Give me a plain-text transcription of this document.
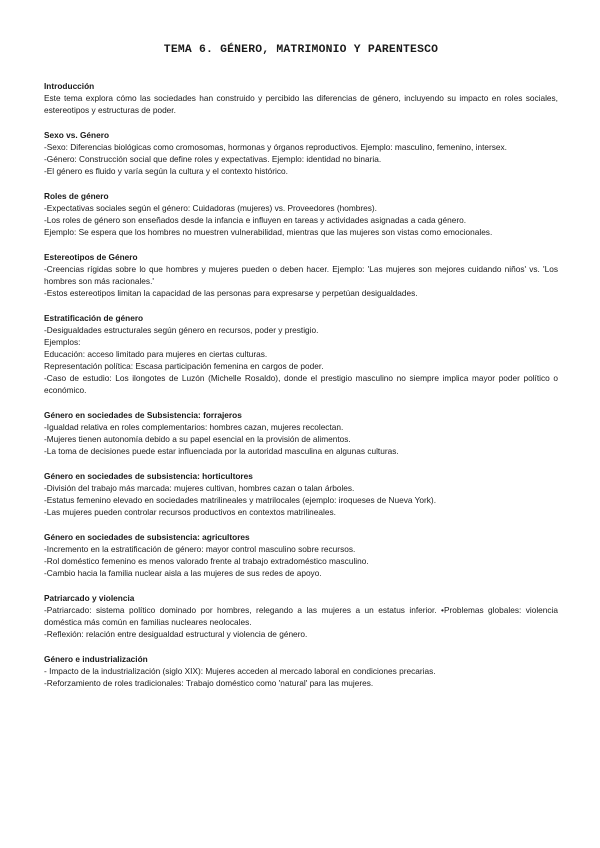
TEMA 6. GÉNERO, MATRIMONIO Y PARENTESCO
Introducción
Este tema explora cómo las sociedades han construido y percibido las diferencias de género, incluyendo su impacto en roles sociales, estereotipos y estructuras de poder.
Sexo vs. Género
-Sexo: Diferencias biológicas como cromosomas, hormonas y órganos reproductivos. Ejemplo: masculino, femenino, intersex.
-Género: Construcción social que define roles y expectativas. Ejemplo: identidad no binaria.
-El género es fluido y varía según la cultura y el contexto histórico.
Roles de género
-Expectativas sociales según el género: Cuidadoras (mujeres) vs. Proveedores (hombres).
-Los roles de género son enseñados desde la infancia e influyen en tareas y actividades asignadas a cada género.
Ejemplo: Se espera que los hombres no muestren vulnerabilidad, mientras que las mujeres son vistas como emocionales.
Estereotipos de Género
-Creencias rígidas sobre lo que hombres y mujeres pueden o deben hacer. Ejemplo: 'Las mujeres son mejores cuidando niños' vs. 'Los hombres son más racionales.'
-Estos estereotipos limitan la capacidad de las personas para expresarse y perpetúan desigualdades.
Estratificación de género
-Desigualdades estructurales según género en recursos, poder y prestigio.
Ejemplos:
Educación: acceso limitado para mujeres en ciertas culturas.
Representación política: Escasa participación femenina en cargos de poder.
-Caso de estudio: Los ilongotes de Luzón (Michelle Rosaldo), donde el prestigio masculino no siempre implica mayor poder político o económico.
Género en sociedades de Subsistencia: forrajeros
-Igualdad relativa en roles complementarios: hombres cazan, mujeres recolectan.
-Mujeres tienen autonomía debido a su papel esencial en la provisión de alimentos.
-La toma de decisiones puede estar influenciada por la autoridad masculina en algunas culturas.
Género en sociedades de subsistencia: horticultores
-División del trabajo más marcada: mujeres cultivan, hombres cazan o talan árboles.
-Estatus femenino elevado en sociedades matrilineales y matrilocales (ejemplo: iroqueses de Nueva York).
-Las mujeres pueden controlar recursos productivos en contextos matrilineales.
Género en sociedades de subsistencia: agricultores
-Incremento en la estratificación de género: mayor control masculino sobre recursos.
-Rol doméstico femenino es menos valorado frente al trabajo extradoméstico masculino.
-Cambio hacia la familia nuclear aisla a las mujeres de sus redes de apoyo.
Patriarcado y violencia
-Patriarcado: sistema político dominado por hombres, relegando a las mujeres a un estatus inferior. •Problemas globales: violencia doméstica más común en familias nucleares neolocales.
-Reflexión: relación entre desigualdad estructural y violencia de género.
Género e industrialización
- Impacto de la industrialización (siglo XIX): Mujeres acceden al mercado laboral en condiciones precarias.
-Reforzamiento de roles tradicionales: Trabajo doméstico como 'natural' para las mujeres.
